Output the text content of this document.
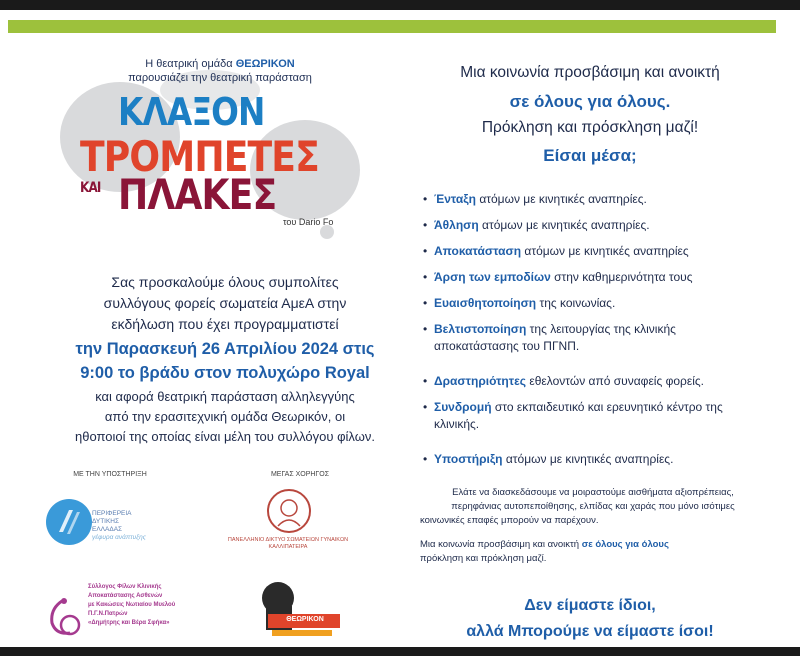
Η θεατρική ομάδα ΘΕΩΡΙΚΟΝ
παρουσιάζει την θεατρική παράσταση
ΚΛΑΞΟΝ
ΤΡΟΜΠΕΤΕΣ
ΚΑΙ ΠΛΑΚΕΣ
του Dario Fo
Σας προσκαλούμε όλους συμπολίτες
συλλόγους φορείς σωματεία ΑμεΑ στην
εκδήλωση που έχει προγραμματιστεί
την Παρασκευή 26 Απριλίου 2024 στις
9:00 το βράδυ στον πολυχώρο Royal
και αφορά θεατρική παράσταση αλληλεγγύης
από την ερασιτεχνική ομάδα Θεωρικόν, οι
ηθοποιοί της οποίας είναι μέλη του συλλόγου φίλων.
ΜΕ ΤΗΝ ΥΠΟΣΤΗΡΙΞΗ	ΜΕΓΑΣ ΧΟΡΗΓΟΣ
ΠΕΡΙΦΕΡΕΙΑ
ΔΥΤΙΚΗΣ
ΕΛΛΑΔΑΣ
γέφυρα ανάπτυξης	ΠΑΝΕΛΛΗΝΙΟ ΔΙΚΤΥΟ ΣΩΜΑΤΕΙΩΝ ΓΥΝΑΙΚΩΝ ΚΑΛΛΙΠΑΤΕΙΡΑ
Σύλλογος Φίλων Κλινικής
Αποκατάστασης Ασθενών
με Κακώσεις Νωτιαίου Μυελού
Π.Γ.Ν.Πατρών
«Δημήτρης και Βέρα Σφήκα»	ΘΕΩΡΙΚΟΝ
Μια κοινωνία προσβάσιμη και ανοικτή
σε όλους για όλους.
Πρόκληση και πρόσκληση μαζί!
Είσαι μέσα;
• Ένταξη ατόμων με κινητικές αναπηρίες.
• Άθληση ατόμων με κινητικές αναπηρίες.
• Αποκατάσταση ατόμων με κινητικές αναπηρίες
• Άρση των εμποδίων στην καθημερινότητα τους
• Ευαισθητοποίηση της κοινωνίας.
• Βελτιστοποίηση της λειτουργίας της κλινικής αποκατάστασης του ΠΓΝΠ.
• Δραστηριότητες εθελοντών από συναφείς φορείς.
• Συνδρομή στο εκπαιδευτικό και ερευνητικό κέντρο της κλινικής.
• Υποστήριξη ατόμων με κινητικές αναπηρίες.
Ελάτε να διασκεδάσουμε να μοιραστούμε αισθήματα αξιοπρέπειας,
περηφάνιας αυτοπεποίθησης, ελπίδας και χαράς που μόνο ισότιμες
κοινωνικές επαφές μπορούν να παρέχουν.
Μια κοινωνία προσβάσιμη και ανοικτή σε όλους για όλους
πρόκληση και πρόκληση μαζί.
Δεν είμαστε ίδιοι,
αλλά Μπορούμε να είμαστε ίσοι!
